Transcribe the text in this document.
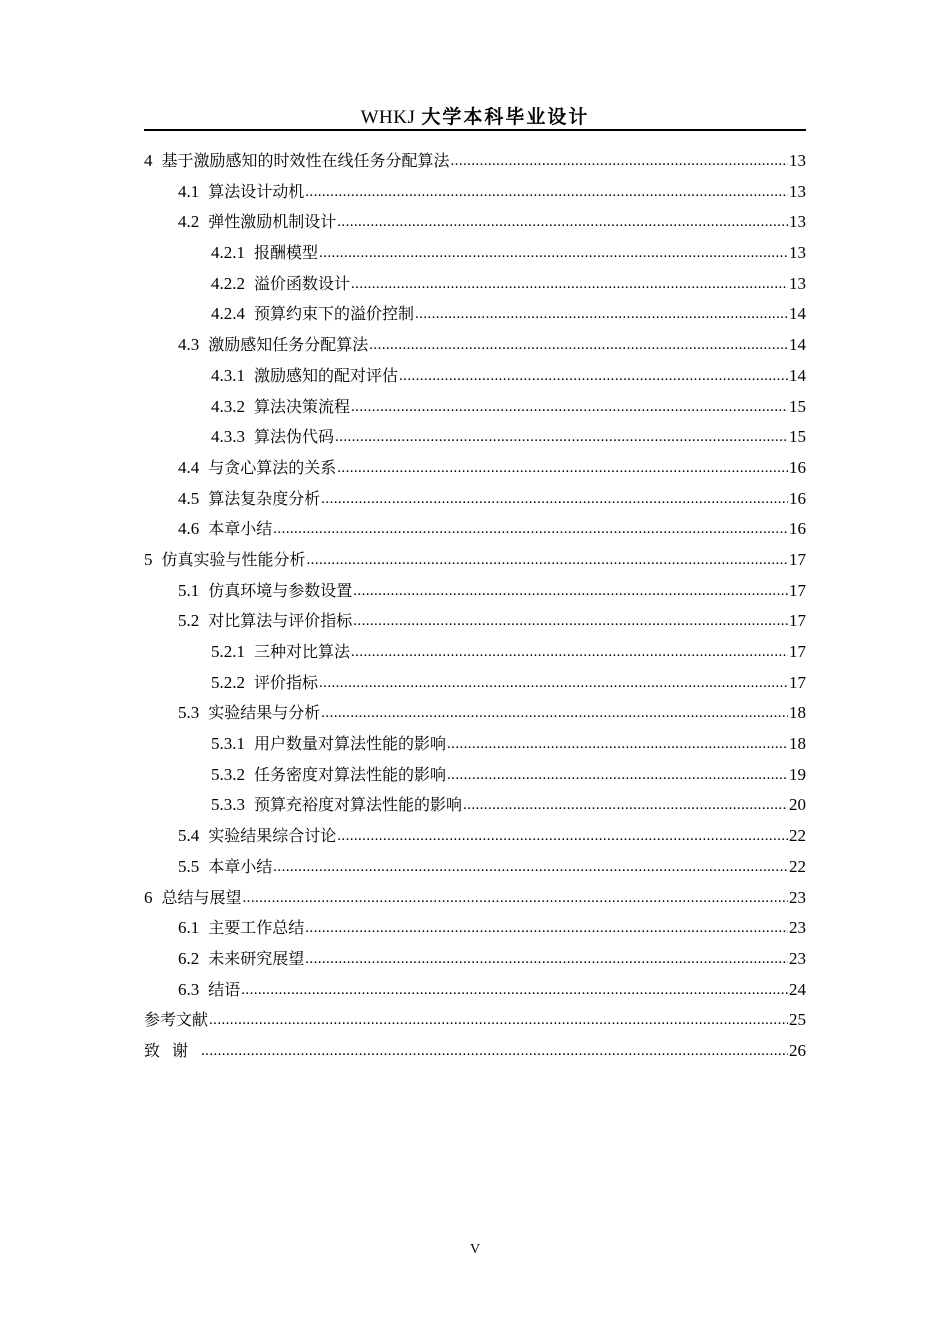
WHKJ 大学本科毕业设计
4 基于激励感知的时效性在线任务分配算法 .....	13
4.1 算法设计动机 .....	13
4.2 弹性激励机制设计 .....	13
4.2.1 报酬模型 .....	13
4.2.2 溢价函数设计 .....	13
4.2.4 预算约束下的溢价控制 .....	14
4.3 激励感知任务分配算法 .....	14
4.3.1 激励感知的配对评估 .....	14
4.3.2 算法决策流程 .....	15
4.3.3 算法伪代码 .....	15
4.4 与贪心算法的关系 .....	16
4.5 算法复杂度分析 .....	16
4.6 本章小结 .....	16
5 仿真实验与性能分析 .....	17
5.1 仿真环境与参数设置 .....	17
5.2 对比算法与评价指标 .....	17
5.2.1 三种对比算法 .....	17
5.2.2 评价指标 .....	17
5.3 实验结果与分析 .....	18
5.3.1 用户数量对算法性能的影响 .....	18
5.3.2 任务密度对算法性能的影响 .....	19
5.3.3 预算充裕度对算法性能的影响 .....	20
5.4 实验结果综合讨论 .....	22
5.5 本章小结 .....	22
6 总结与展望 .....	23
6.1 主要工作总结 .....	23
6.2 未来研究展望 .....	23
6.3 结语 .....	24
参考文献 .....	25
致谢 .....	26
V
